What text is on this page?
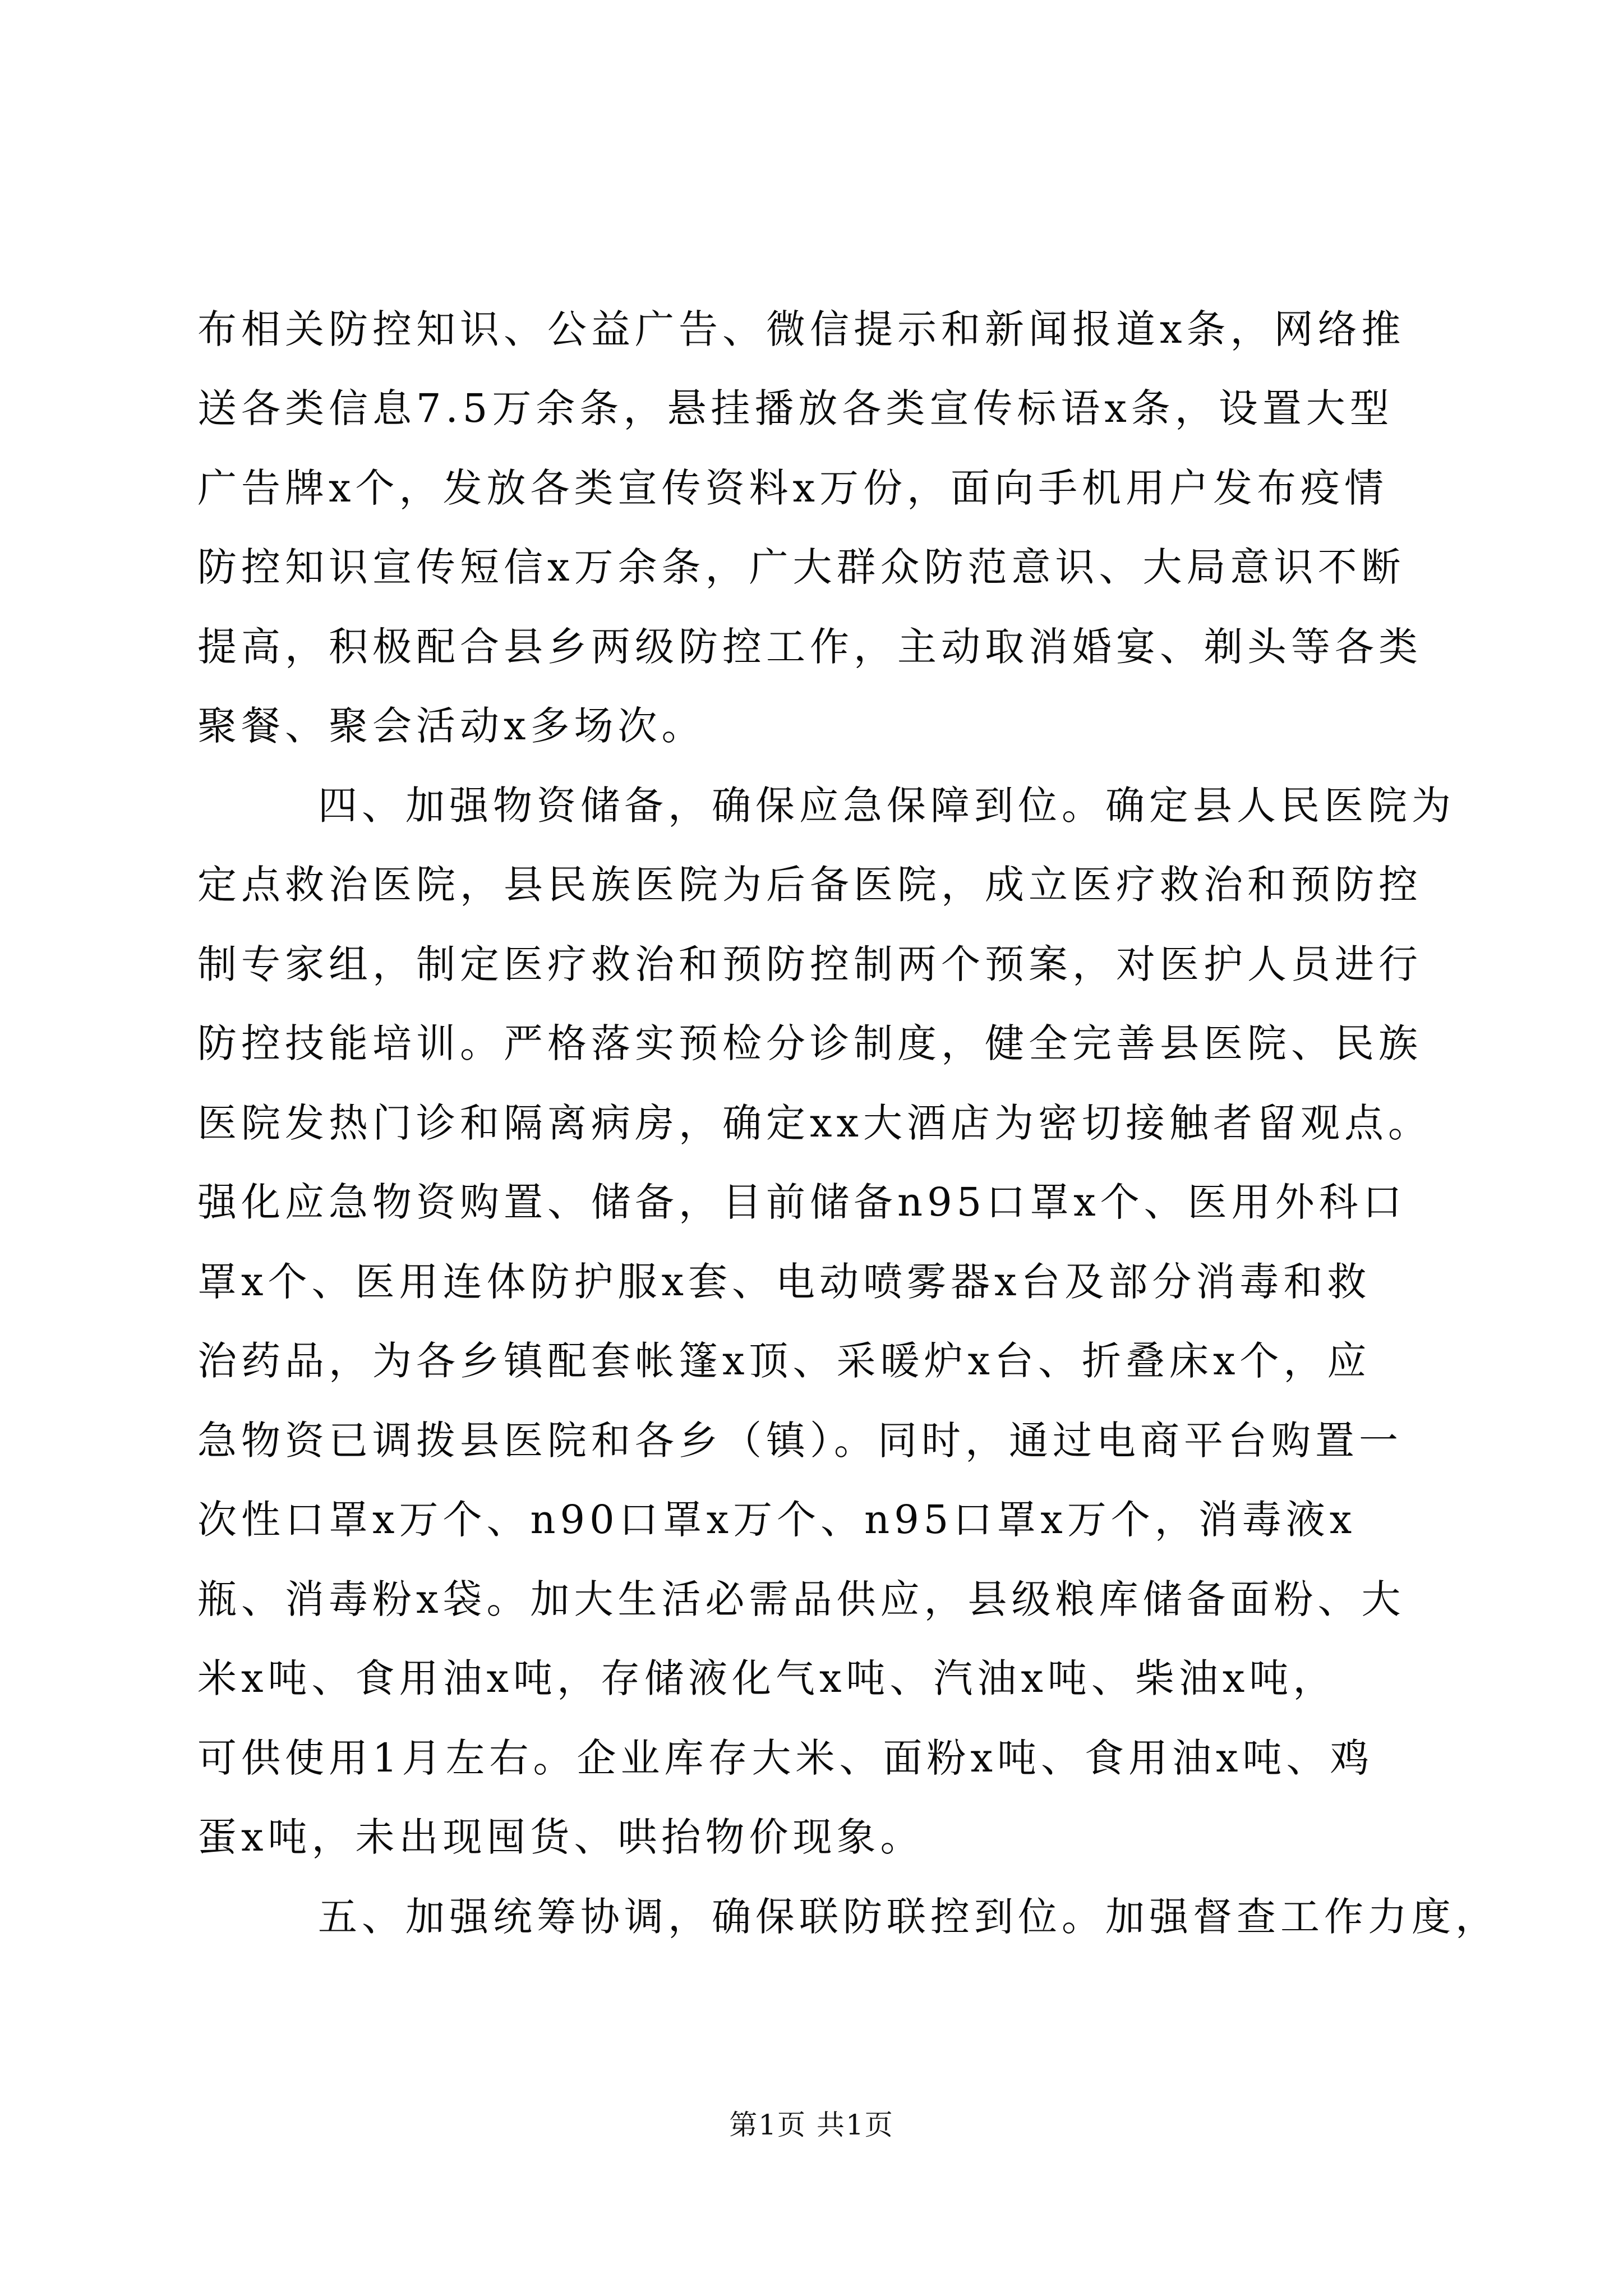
布相关防控知识、公益广告、微信提示和新闻报道x条，网络推
送各类信息7.5万余条，悬挂播放各类宣传标语x条，设置大型
广告牌x个，发放各类宣传资料x万份，面向手机用户发布疫情
防控知识宣传短信x万余条，广大群众防范意识、大局意识不断
提高，积极配合县乡两级防控工作，主动取消婚宴、剃头等各类
聚餐、聚会活动x多场次。
四、加强物资储备，确保应急保障到位。确定县人民医院为
定点救治医院，县民族医院为后备医院，成立医疗救治和预防控
制专家组，制定医疗救治和预防控制两个预案，对医护人员进行
防控技能培训。严格落实预检分诊制度，健全完善县医院、民族
医院发热门诊和隔离病房，确定xx大酒店为密切接触者留观点。
强化应急物资购置、储备，目前储备n95口罩x个、医用外科口
罩x个、医用连体防护服x套、电动喷雾器x台及部分消毒和救
治药品，为各乡镇配套帐篷x顶、采暖炉x台、折叠床x个，应
急物资已调拨县医院和各乡（镇）。同时，通过电商平台购置一
次性口罩x万个、n90口罩x万个、n95口罩x万个，消毒液x
瓶、消毒粉x袋。加大生活必需品供应，县级粮库储备面粉、大
米x吨、食用油x吨，存储液化气x吨、汽油x吨、柴油x吨，
可供使用1月左右。企业库存大米、面粉x吨、食用油x吨、鸡
蛋x吨，未出现囤货、哄抬物价现象。
五、加强统筹协调，确保联防联控到位。加强督查工作力度，
第1页 共1页
